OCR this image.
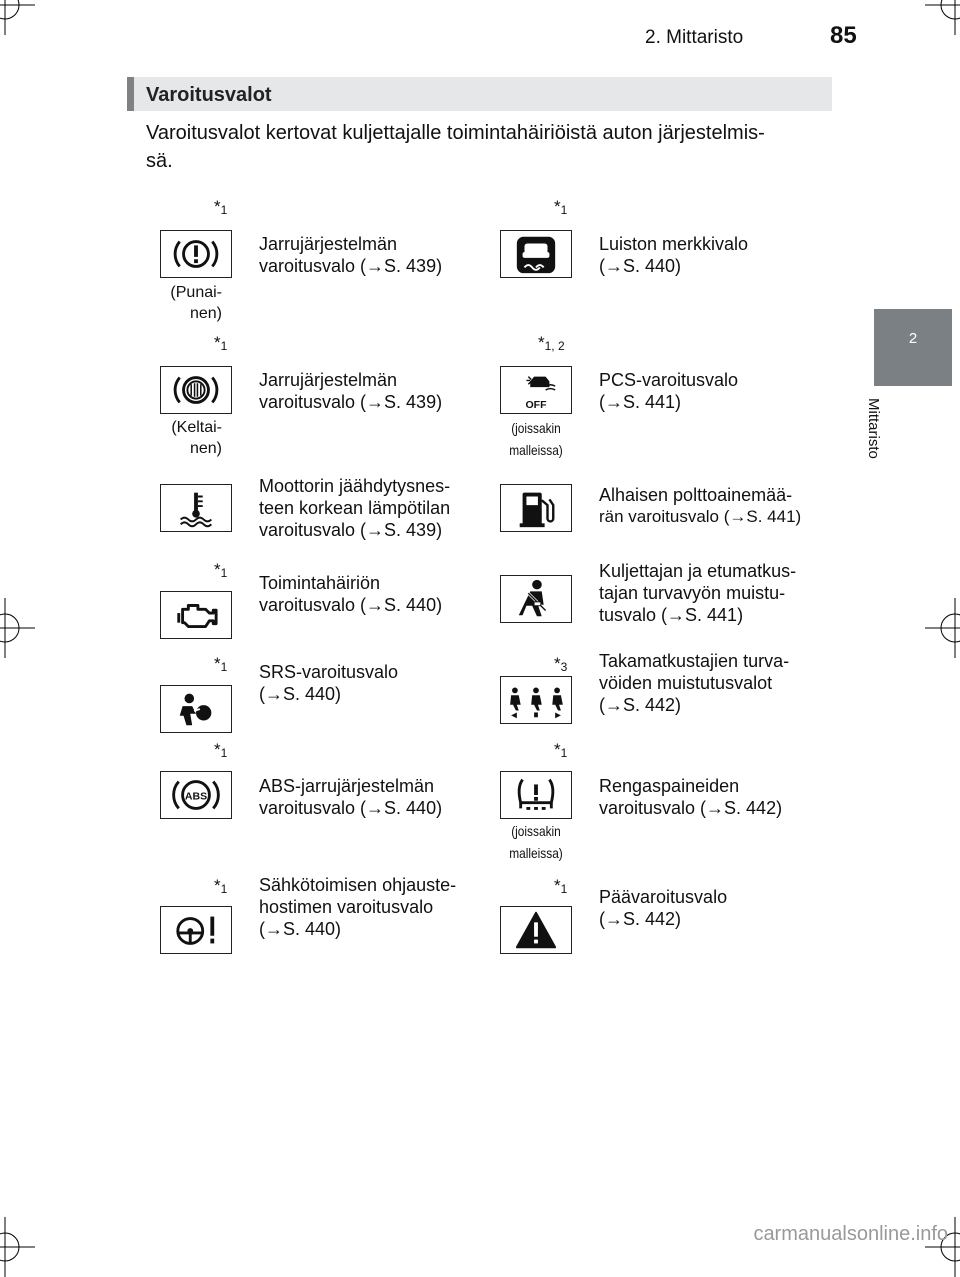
2. Mittaristo	85
2
Mittaristo
Varoitusvalot
Varoitusvalot kertovat kuljettajalle toimintahäiriöistä auton järjestelmis-
sä.
$*_1$
(Punai-
nen)
Jarrujärjestelmän
varoitusvalo (→S. 439)
$*_1$
Luiston merkkivalo
(→S. 440)
$*_1$
(Keltai-
nen)
Jarrujärjestelmän
varoitusvalo (→S. 439)
$*_{1, 2}$
OFF
(joissakin
malleissa)
PCS-varoitusvalo
(→S. 441)
Moottorin jäähdytysnes-
teen korkean lämpötilan
varoitusvalo (→S. 439)
Alhaisen polttoainemää-
rän varoitusvalo (→S. 441)
$*_1$ Toimintahäiriön
varoitusvalo (→S. 440)
Kuljettajan ja etumatkus-
tajan turvavyön muistu-
tusvalo (→S. 441)
$*_1$ SRS-varoitusvalo
(→S. 440)
$*_3$ Takamatkustajien turva-
vöiden muistutusvalot
(→S. 442)
$*_1$
ABS
ABS-jarrujärjestelmän
varoitusvalo (→S. 440)
$*_1$
(joissakin
malleissa)
Rengaspaineiden
varoitusvalo (→S. 442)
$*_1$ Sähkötoimisen ohjauste-
hostimen varoitusvalo
(→S. 440)
$*_1$ Päävaroitusvalo
(→S. 442)
carmanualsonline.info
